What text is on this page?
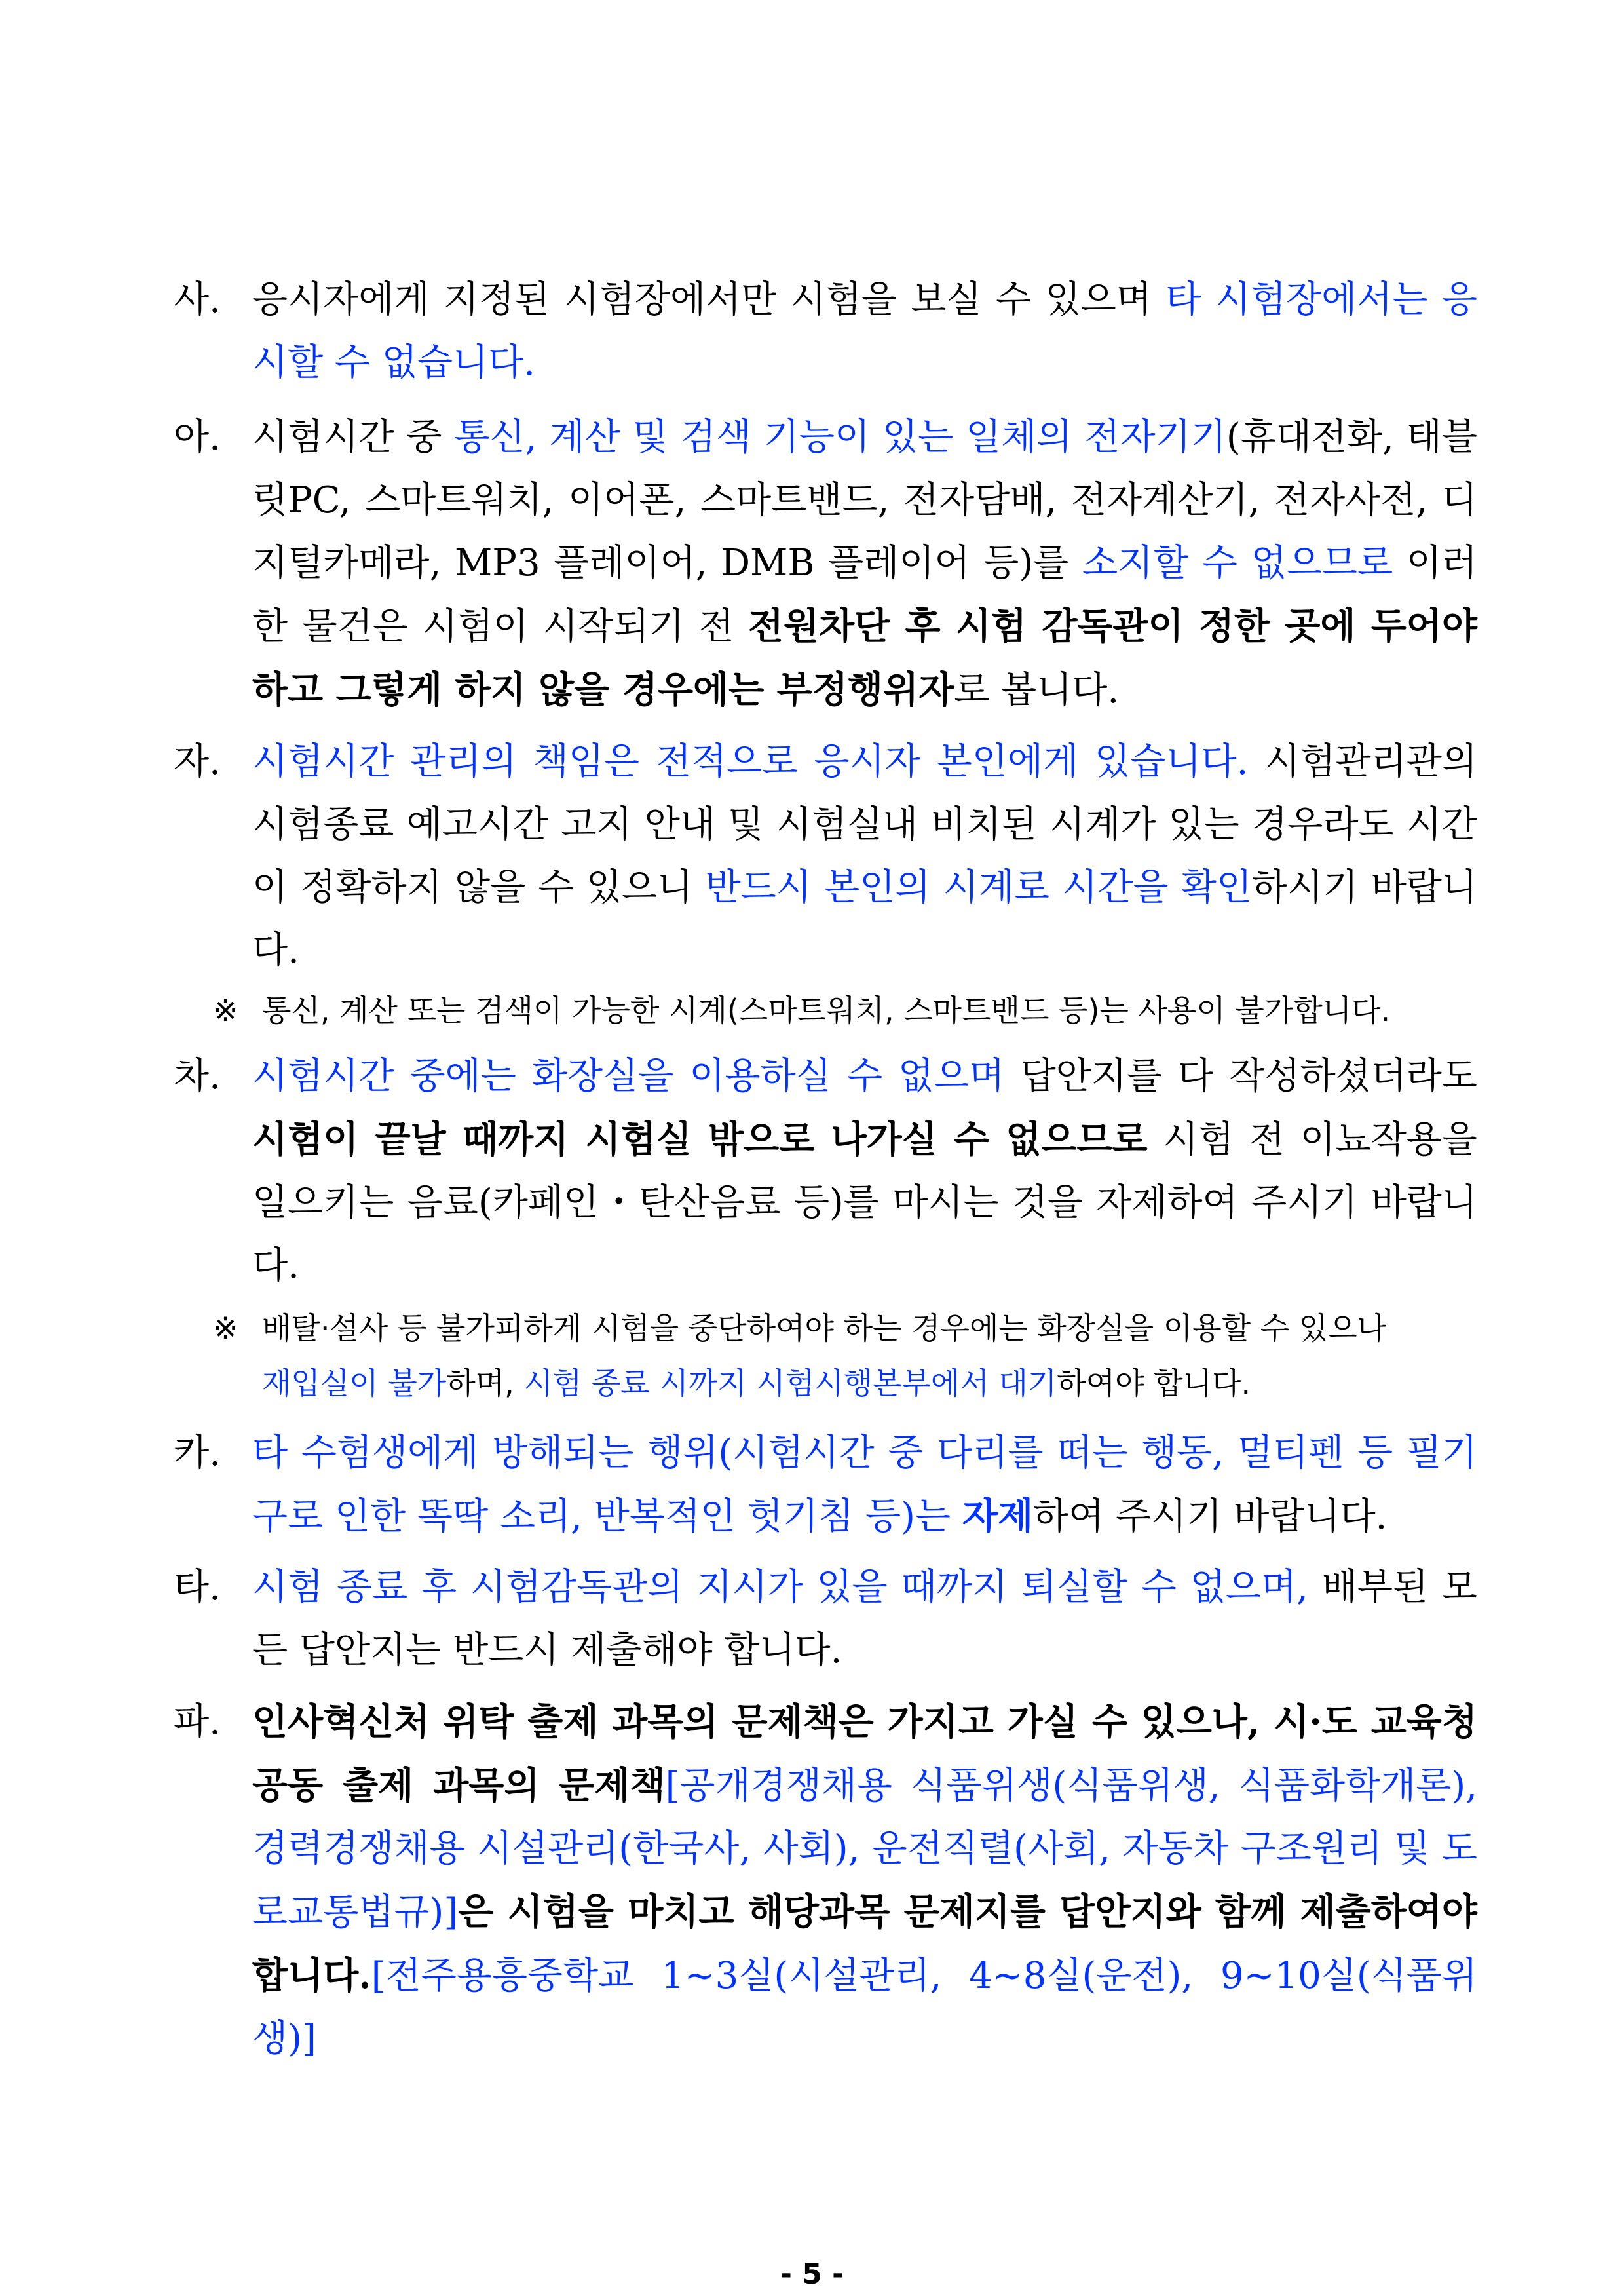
사. 응시자에게 지정된 시험장에서만 시험을 보실 수 있으며 타 시험장에서는 응시할 수 없습니다.
아. 시험시간 중 통신, 계산 및 검색 기능이 있는 일체의 전자기기(휴대전화, 태블릿PC, 스마트워치, 이어폰, 스마트밴드, 전자담배, 전자계산기, 전자사전, 디지털카메라, MP3 플레이어, DMB 플레이어 등)를 소지할 수 없으므로 이러한 물건은 시험이 시작되기 전 전원차단 후 시험 감독관이 정한 곳에 두어야 하고 그렇게 하지 않을 경우에는 부정행위자로 봅니다.
자. 시험시간 관리의 책임은 전적으로 응시자 본인에게 있습니다. 시험관리관의 시험종료 예고시간 고지 안내 및 시험실내 비치된 시계가 있는 경우라도 시간이 정확하지 않을 수 있으니 반드시 본인의 시계로 시간을 확인하시기 바랍니다.
※ 통신, 계산 또는 검색이 가능한 시계(스마트워치, 스마트밴드 등)는 사용이 불가합니다.
차. 시험시간 중에는 화장실을 이용하실 수 없으며 답안지를 다 작성하셨더라도 시험이 끝날 때까지 시험실 밖으로 나가실 수 없으므로 시험 전 이뇨작용을 일으키는 음료(카페인・탄산음료 등)를 마시는 것을 자제하여 주시기 바랍니다.
※ 배탈·설사 등 불가피하게 시험을 중단하여야 하는 경우에는 화장실을 이용할 수 있으나
재입실이 불가하며, 시험 종료 시까지 시험시행본부에서 대기하여야 합니다.
카. 타 수험생에게 방해되는 행위(시험시간 중 다리를 떠는 행동, 멀티펜 등 필기구로 인한 똑딱 소리, 반복적인 헛기침 등)는 자제하여 주시기 바랍니다.
타. 시험 종료 후 시험감독관의 지시가 있을 때까지 퇴실할 수 없으며, 배부된 모든 답안지는 반드시 제출해야 합니다.
파. 인사혁신처 위탁 출제 과목의 문제책은 가지고 가실 수 있으나, 시·도 교육청 공동 출제 과목의 문제책[공개경쟁채용 식품위생(식품위생, 식품화학개론), 경력경쟁채용 시설관리(한국사, 사회), 운전직렬(사회, 자동차 구조원리 및 도로교통법규)]은 시험을 마치고 해당과목 문제지를 답안지와 함께 제출하여야 합니다.[전주용흥중학교 1~3실(시설관리, 4~8실(운전), 9~10실(식품위생)]
- 5 -
